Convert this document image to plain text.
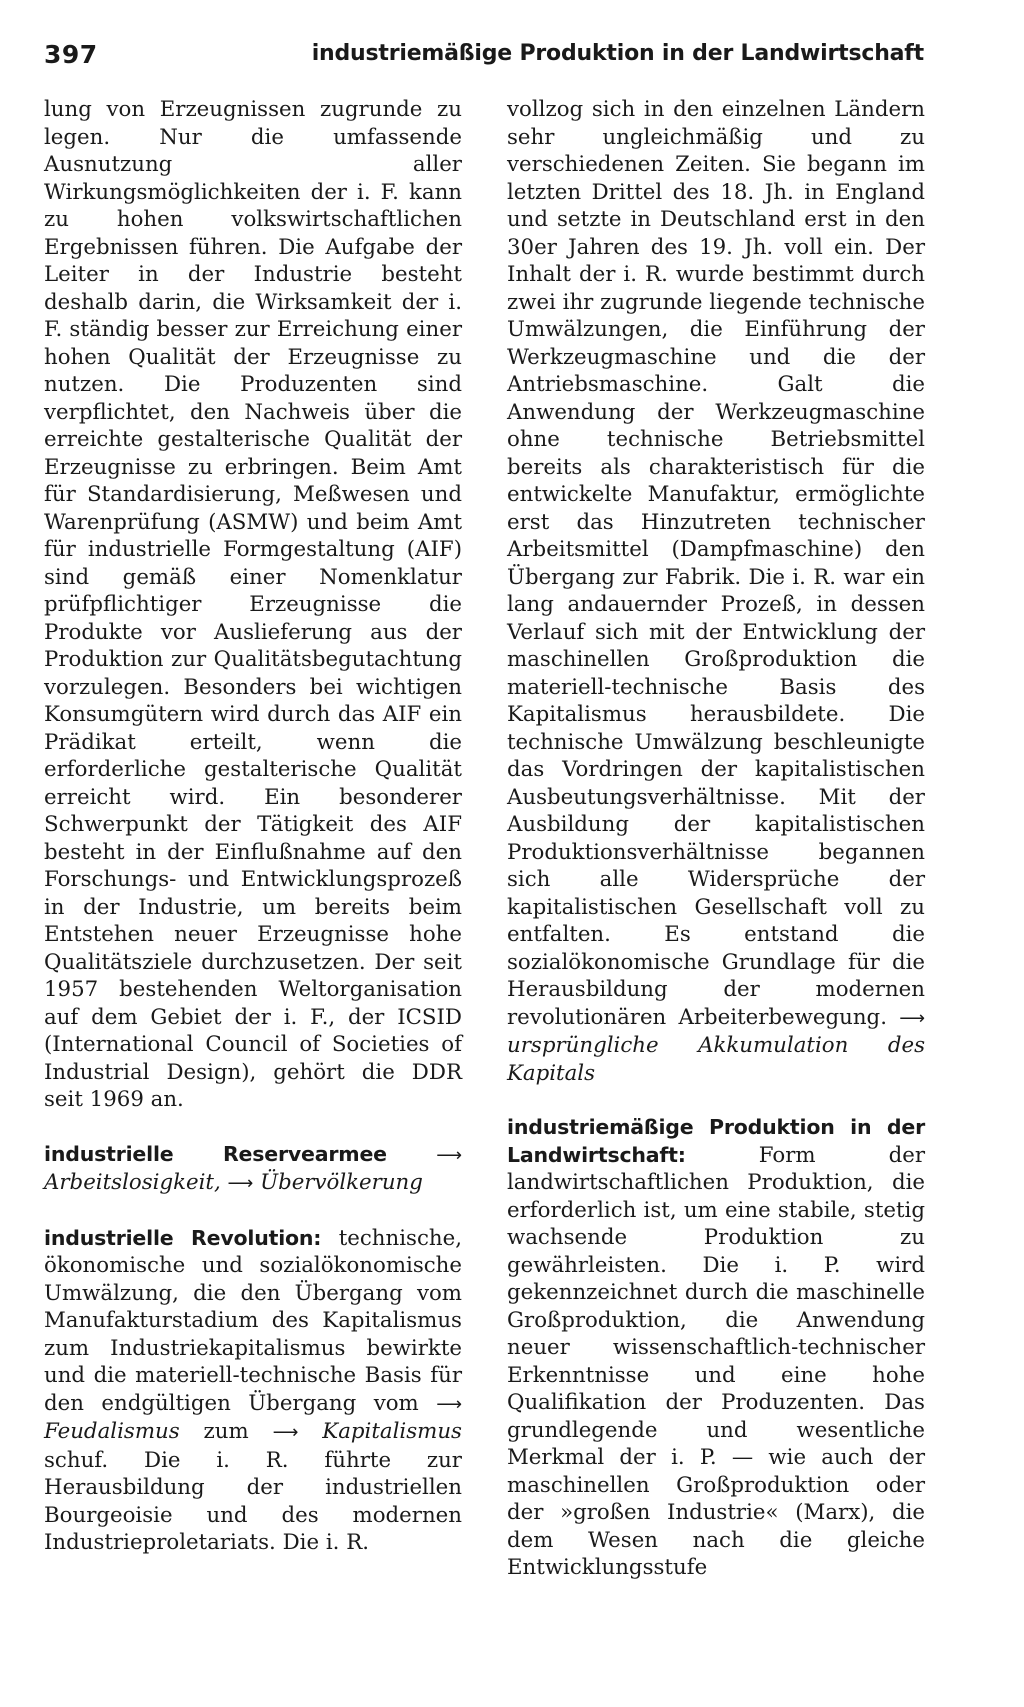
397	industriemäßige Produktion in der Landwirtschaft

lung von Erzeugnissen zugrunde zu legen. Nur die umfassende Ausnutzung aller Wirkungsmöglichkeiten der i. F. kann zu hohen volkswirtschaftlichen Ergebnissen führen. Die Aufgabe der Leiter in der Industrie besteht deshalb darin, die Wirksamkeit der i. F. ständig besser zur Erreichung einer hohen Qualität der Erzeugnisse zu nutzen. Die Produzenten sind verpflichtet, den Nachweis über die erreichte gestalterische Qualität der Erzeugnisse zu erbringen. Beim Amt für Standardisierung, Meßwesen und Warenprüfung (ASMW) und beim Amt für industrielle Formgestaltung (AIF) sind gemäß einer Nomenklatur prüfpflichtiger Erzeugnisse die Produkte vor Auslieferung aus der Produktion zur Qualitätsbegutachtung vorzulegen. Besonders bei wichtigen Konsumgütern wird durch das AIF ein Prädikat erteilt, wenn die erforderliche gestalterische Qualität erreicht wird. Ein besonderer Schwerpunkt der Tätigkeit des AIF besteht in der Einflußnahme auf den Forschungs- und Entwicklungsprozeß in der Industrie, um bereits beim Entstehen neuer Erzeugnisse hohe Qualitätsziele durchzusetzen. Der seit 1957 bestehenden Weltorganisation auf dem Gebiet der i. F., der ICSID (International Council of Societies of Industrial Design), gehört die DDR seit 1969 an.

industrielle Reservearmee	⟶ Arbeitslosigkeit, ⟶ Übervölkerung

industrielle Revolution: technische, ökonomische und sozialökonomische Umwälzung, die den Übergang vom Manufakturstadium des Kapitalismus zum Industriekapitalismus bewirkte und die materiell-technische Basis für den endgültigen Übergang vom ⟶ Feudalismus zum ⟶ Kapitalismus schuf. Die i. R. führte zur Herausbildung der industriellen Bourgeoisie und des modernen Industrieproletariats. Die i. R.

vollzog sich in den einzelnen Ländern sehr ungleichmäßig und zu verschiedenen Zeiten. Sie begann im letzten Drittel des 18. Jh. in England und setzte in Deutschland erst in den 30er Jahren des 19. Jh. voll ein. Der Inhalt der i. R. wurde bestimmt durch zwei ihr zugrunde liegende technische Umwälzungen, die Einführung der Werkzeugmaschine und die der Antriebsmaschine. Galt die Anwendung der Werkzeugmaschine ohne technische Betriebsmittel bereits als charakteristisch für die entwickelte Manufaktur, ermöglichte erst das Hinzutreten technischer Arbeitsmittel (Dampfmaschine) den Übergang zur Fabrik. Die i. R. war ein lang andauernder Prozeß, in dessen Verlauf sich mit der Entwicklung der maschinellen Großproduktion die materiell-technische Basis des Kapitalismus herausbildete. Die technische Umwälzung beschleunigte das Vordringen der kapitalistischen Ausbeutungsverhältnisse. Mit der Ausbildung der kapitalistischen Produktionsverhältnisse begannen sich alle Widersprüche der kapitalistischen Gesellschaft voll zu entfalten. Es entstand die sozialökonomische Grundlage für die Herausbildung der modernen revolutionären Arbeiterbewegung. ⟶ ursprüngliche Akkumulation des Kapitals

industriemäßige Produktion in der Landwirtschaft:	Form der landwirtschaftlichen Produktion, die erforderlich ist, um eine stabile, stetig wachsende Produktion zu gewährleisten. Die i. P. wird gekennzeichnet durch die maschinelle Großproduktion, die Anwendung neuer wissenschaftlich-technischer Erkenntnisse und eine hohe Qualifikation der Produzenten. Das grundlegende und wesentliche Merkmal der i. P. — wie auch der maschinellen Großproduktion oder der »großen Industrie« (Marx), die dem Wesen nach die gleiche Entwicklungsstufe
